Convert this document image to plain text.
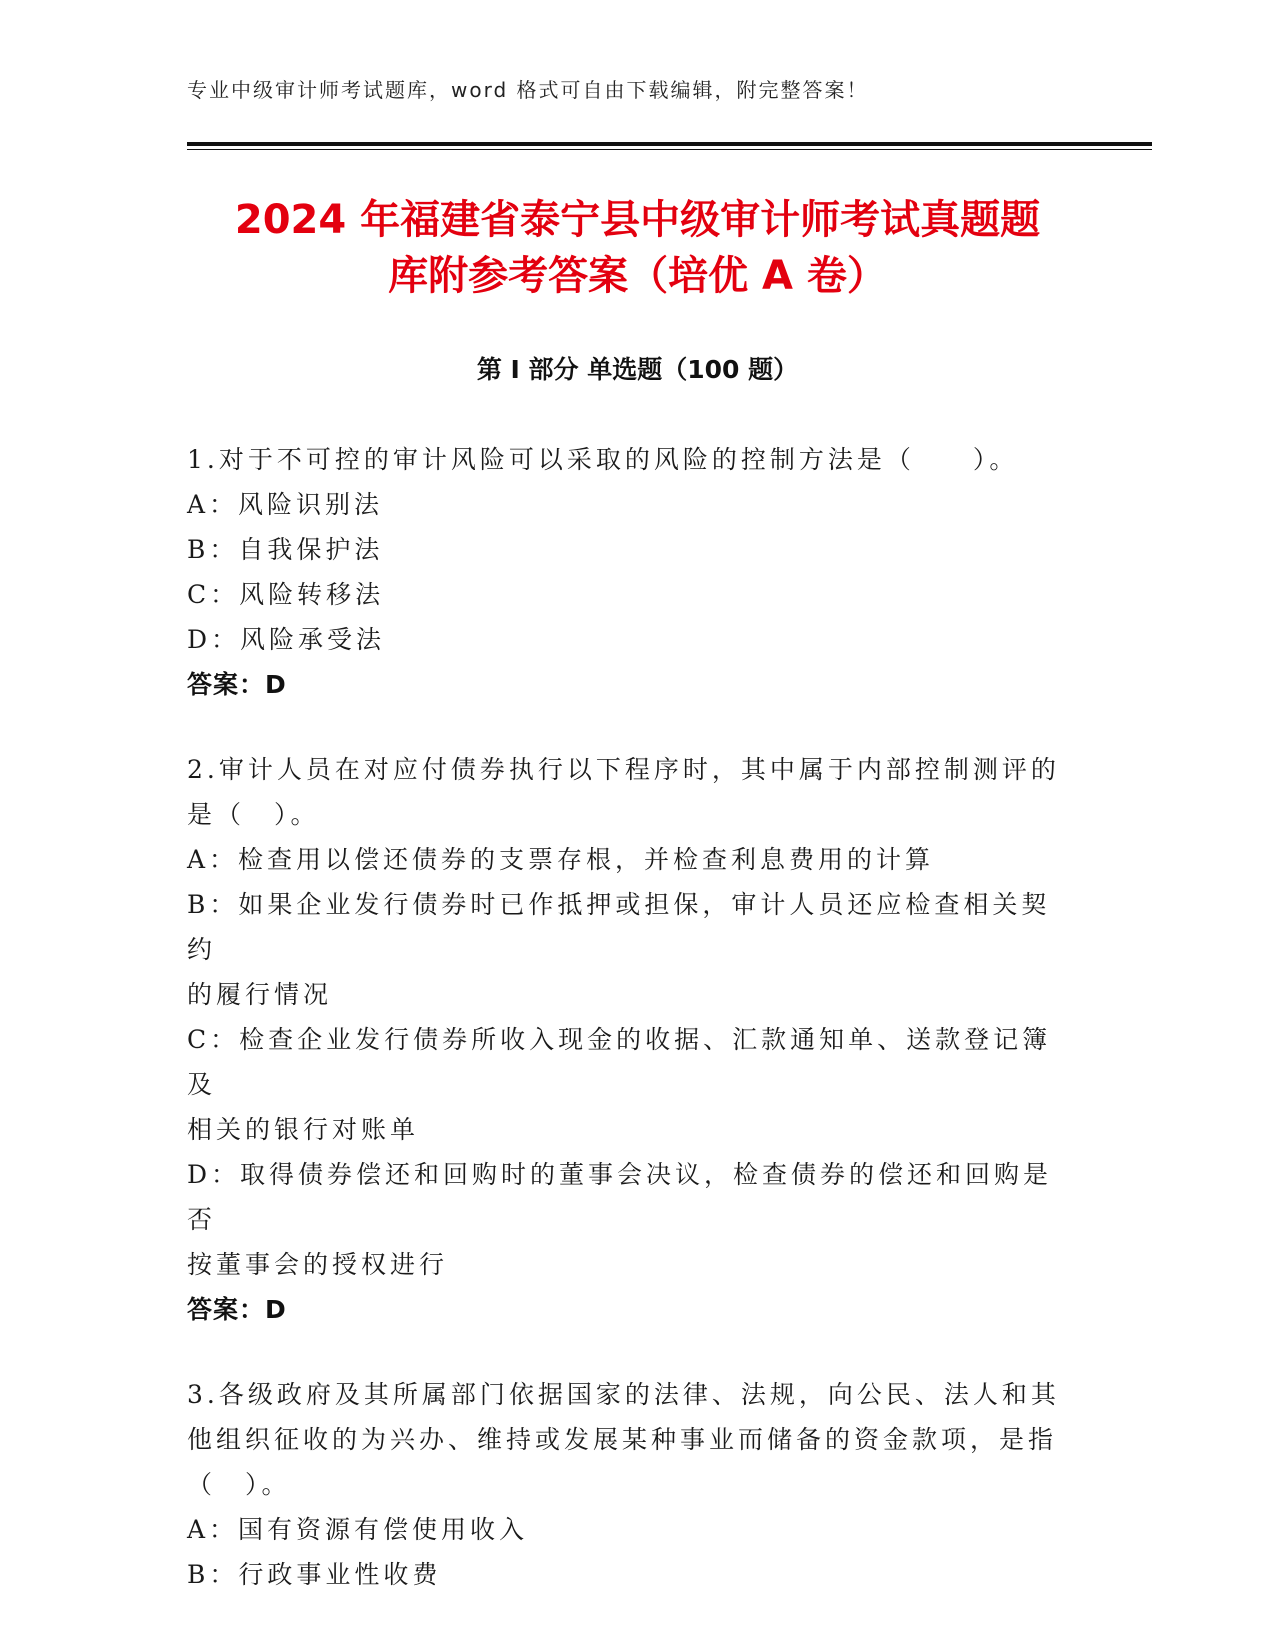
专业中级审计师考试题库，word 格式可自由下载编辑，附完整答案！
2024 年福建省泰宁县中级审计师考试真题题
库附参考答案（培优 A 卷）
第 I 部分 单选题（100 题）
1.对于不可控的审计风险可以采取的风险的控制方法是（　　）。
A：风险识别法
B：自我保护法
C：风险转移法
D：风险承受法
答案：D
2.审计人员在对应付债券执行以下程序时，其中属于内部控制测评的
是（　）。
A：检查用以偿还债券的支票存根，并检查利息费用的计算
B：如果企业发行债券时已作抵押或担保，审计人员还应检查相关契约
的履行情况
C：检查企业发行债券所收入现金的收据、汇款通知单、送款登记簿及
相关的银行对账单
D：取得债券偿还和回购时的董事会决议，检查债券的偿还和回购是否
按董事会的授权进行
答案：D
3.各级政府及其所属部门依据国家的法律、法规，向公民、法人和其
他组织征收的为兴办、维持或发展某种事业而储备的资金款项，是指
（　）。
A：国有资源有偿使用收入
B：行政事业性收费
